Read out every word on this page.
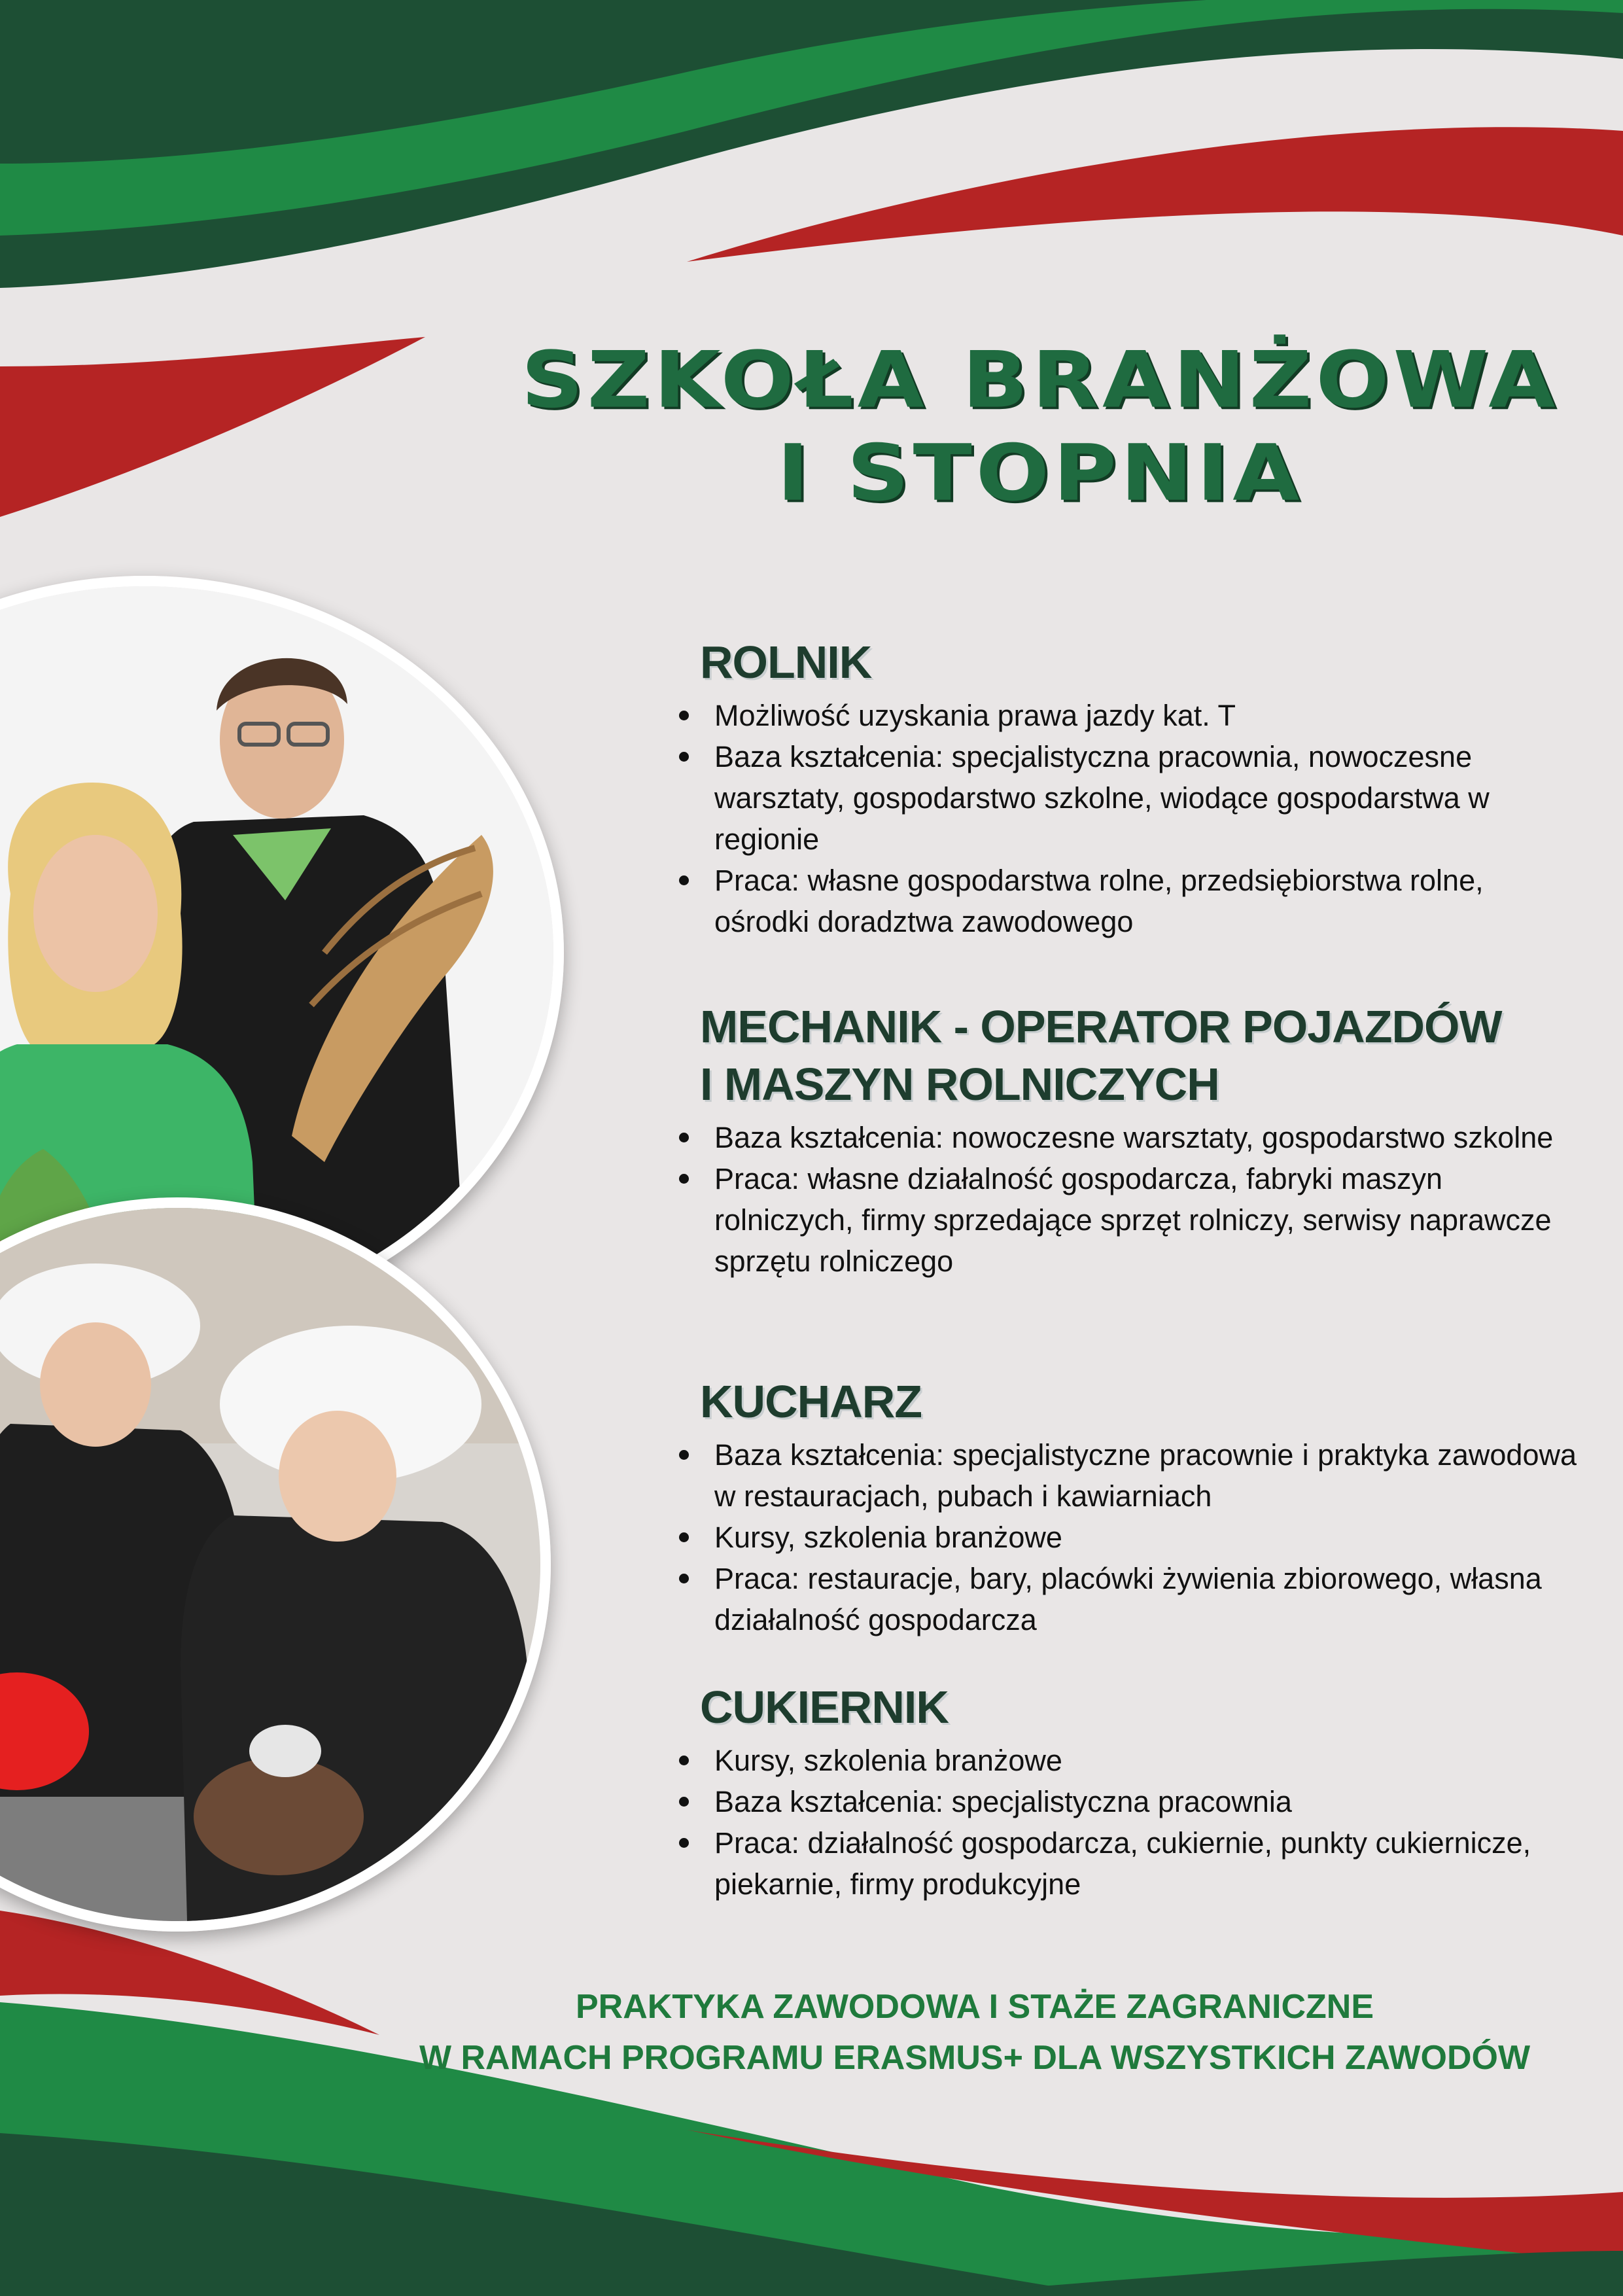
SZKOŁA BRANŻOWA
I STOPNIA
ROLNIK
Możliwość uzyskania prawa jazdy kat. T
Baza kształcenia: specjalistyczna pracownia, nowoczesne warsztaty, gospodarstwo szkolne, wiodące gospodarstwa w regionie
Praca: własne gospodarstwa rolne, przedsiębiorstwa rolne, ośrodki doradztwa zawodowego
MECHANIK - OPERATOR POJAZDÓW
I MASZYN ROLNICZYCH
Baza kształcenia: nowoczesne warsztaty, gospodarstwo szkolne
Praca: własne działalność gospodarcza, fabryki maszyn rolniczych, firmy sprzedające sprzęt rolniczy, serwisy naprawcze sprzętu rolniczego
KUCHARZ
Baza kształcenia: specjalistyczne pracownie i praktyka zawodowa w restauracjach, pubach i kawiarniach
Kursy, szkolenia branżowe
Praca: restauracje, bary, placówki żywienia zbiorowego, własna działalność gospodarcza
CUKIERNIK
Kursy, szkolenia branżowe
Baza kształcenia: specjalistyczna pracownia
Praca: działalność gospodarcza, cukiernie, punkty cukiernicze, piekarnie, firmy produkcyjne
PRAKTYKA ZAWODOWA I STAŻE ZAGRANICZNE
W RAMACH PROGRAMU ERASMUS+ DLA WSZYSTKICH ZAWODÓW
